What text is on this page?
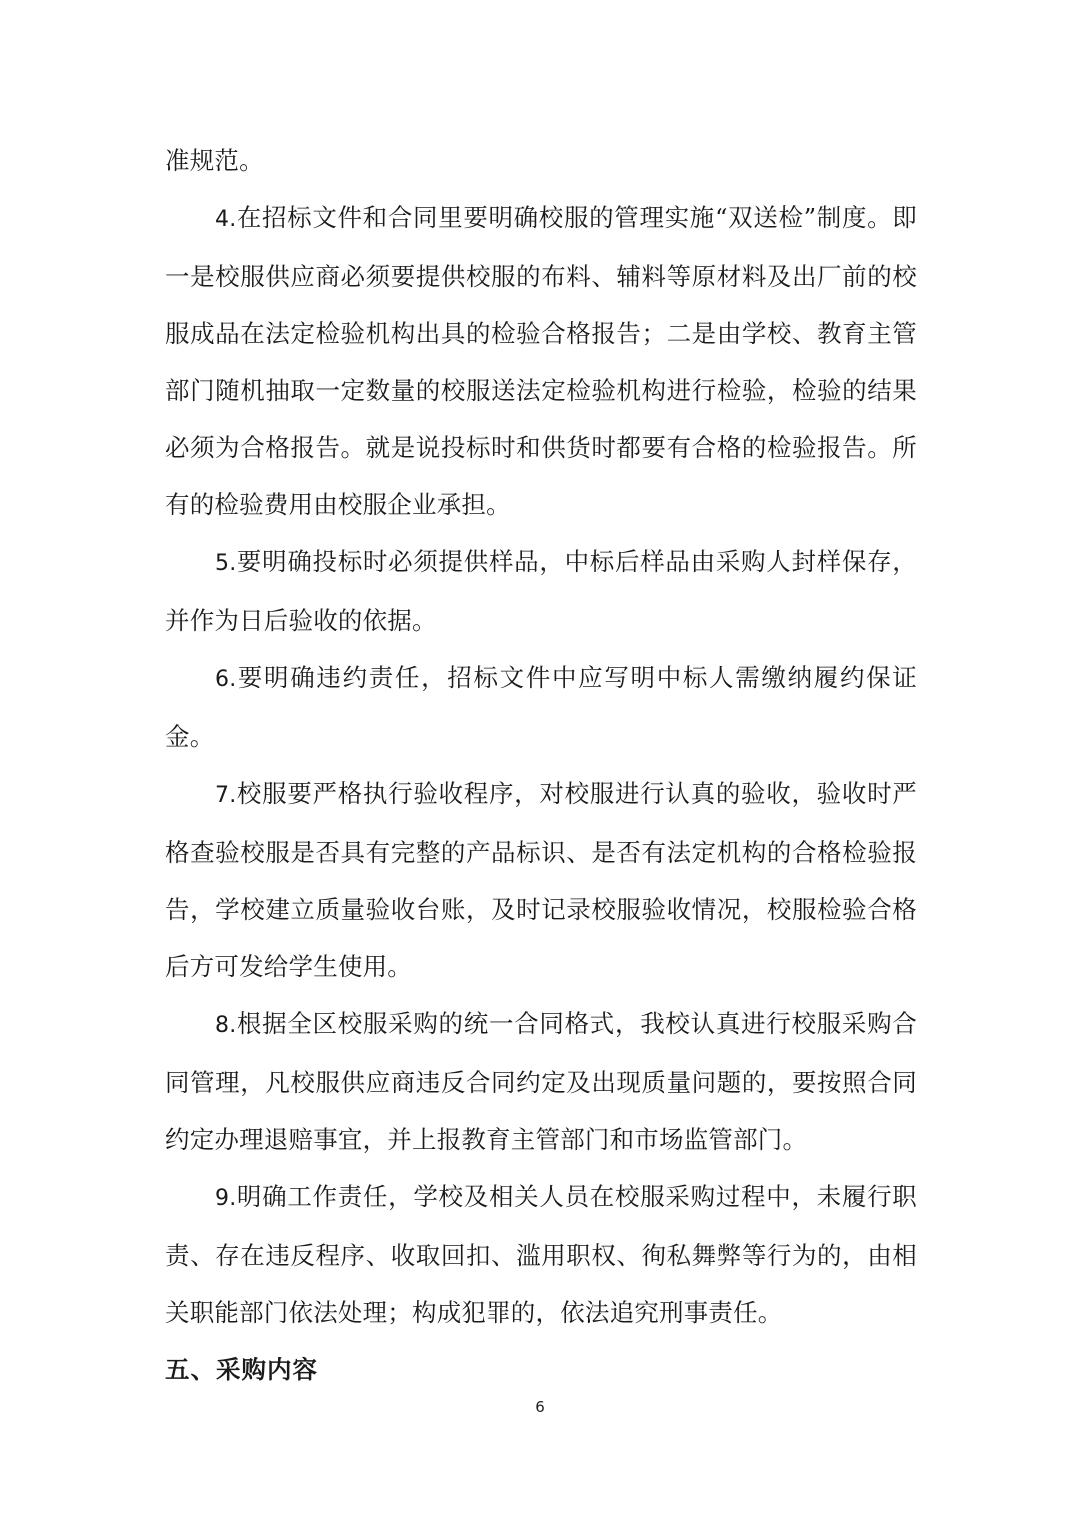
准规范。

4.在招标文件和合同里要明确校服的管理实施“双送检”制度。即一是校服供应商必须要提供校服的布料、辅料等原材料及出厂前的校服成品在法定检验机构出具的检验合格报告；二是由学校、教育主管部门随机抽取一定数量的校服送法定检验机构进行检验，检验的结果必须为合格报告。就是说投标时和供货时都要有合格的检验报告。所有的检验费用由校服企业承担。

5.要明确投标时必须提供样品，中标后样品由采购人封样保存，并作为日后验收的依据。

6.要明确违约责任，招标文件中应写明中标人需缴纳履约保证金。

7.校服要严格执行验收程序，对校服进行认真的验收，验收时严格查验校服是否具有完整的产品标识、是否有法定机构的合格检验报告，学校建立质量验收台账，及时记录校服验收情况，校服检验合格后方可发给学生使用。

8.根据全区校服采购的统一合同格式，我校认真进行校服采购合同管理，凡校服供应商违反合同约定及出现质量问题的，要按照合同约定办理退赔事宜，并上报教育主管部门和市场监管部门。

9.明确工作责任，学校及相关人员在校服采购过程中，未履行职责、存在违反程序、收取回扣、滥用职权、徇私舞弊等行为的，由相关职能部门依法处理；构成犯罪的，依法追究刑事责任。

五、采购内容

6
